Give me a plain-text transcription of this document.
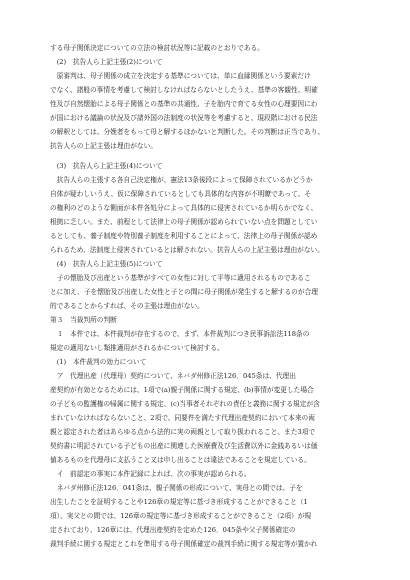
する母子関係決定についての立法の検討状況等に記載のとおりである。
(2)　抗告人ら上記主張(2)について
原審判は、母子関係の成立を決定する基準については、単に血縁関係という要素だけ
でなく、諸般の事情を考慮して検討しなければならないとしたうえ、基準の客観性、明確
性及び自然懐胎による母子関係との基準の共通性、子を胎内で育てる女性の心理要因にわ
が国における議論の状況及び諸外国の法制度の状況等を考慮すると、現段階における民法
の解釈としては、分娩者をもって母と解するほかないと判断した。その判断は正当であり、
抗告人らの上記主張は理由がない。
(3)　抗告人ら上記主張(4)について
抗告人らの主張する各自己決定権が、憲法13条後段によって保障されているかどうか
自体が疑わしいうえ、仮に保障されているとしても具体的な内容が不明瞭であって、そ
の権利のどのような側面が本件各処分によって具体的に侵害されているか明らかでなく、
根拠に乏しい。また、前程として法律上の母子関係が認められていない点を問題としてい
るとしても、養子制度や特別養子制度を利用することによって、法律上の母子関係が認め
られるため、法制度上侵害されているとは解されない。抗告人らの上記主張は理由がない。
(4)　抗告人ら上記主張(5)について
子の懐胎及び出産という基準がすべての女性に対して平等に適用されるものであるこ
とに加え、子を懐胎及び出産した女性と子との間に母子関係が発生すると解するのが合理
的であることからすれば、その主張は理由がない。
第３　当裁判所の判断
１　本件では、本件裁判が存在するので、まず、本件裁判につき民事訴訟法118条の
規定の適用ないし類推適用がされるかについて検討する。
(1)　本件裁判の効力について
ア　代理出産（代理母）契約について、ネバダ州修正法126．045条は、代理出
産契約が有効となるためには、1項で(a)親子関係に関する規定、(b)事情が変更した場合
の子どもの監護権の帰属に関する規定、(c)当事者それぞれの責任と義務に関する規定が含
まれていなければならないこと、2項で、同要件を満たす代理出産契約において本来の両
親と認定された者はあらゆる点から法的に実の両親として取り扱われること、また3項で
契約書に明記されている子どもの出産に関連した医療費及び生活費以外に金銭あるいは価
値あるものを代理母に支払うこと又は申し出ることは違法であることを規定している。
イ　前認定の事実に本件記録によれば、次の事実が認められる。
ネバダ州修正法126．041条は、親子関係の形成について、実母との間では、子を
出生したことを証明することや126章の規定等に基づき形成することができること（1
項）、実父との間では、126章の規定等に基づき形成することができること（2項）が規
定されており、126章には、代理出産契約を定めた126．045条や父子関係確定の
裁判手続に関する規定とこれを準用する母子関係確定の裁判手続に関する規定等が置かれ
